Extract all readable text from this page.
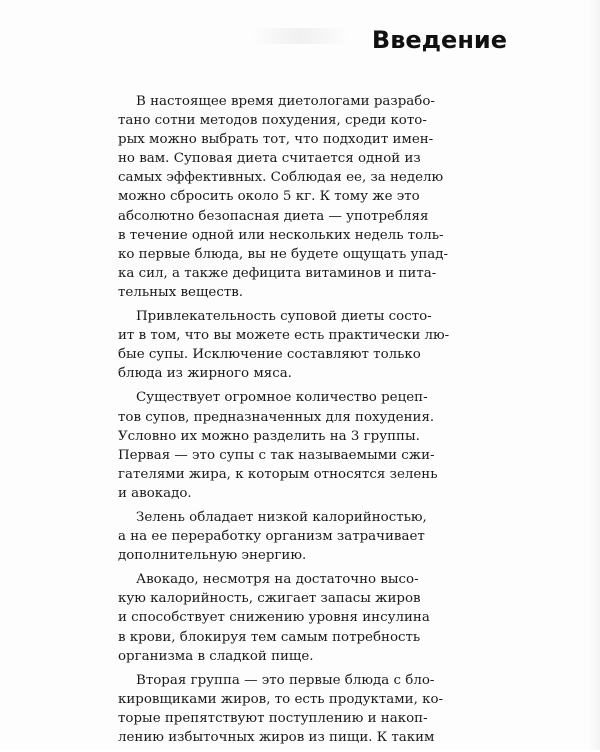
Введение
В настоящее время диетологами разрабо-
тано сотни методов похудения, среди кото-
рых можно выбрать тот, что подходит имен-
но вам. Суповая диета считается одной из
самых эффективных. Соблюдая ее, за неделю
можно сбросить около 5 кг. К тому же это
абсолютно безопасная диета — употребляя
в течение одной или нескольких недель толь-
ко первые блюда, вы не будете ощущать упад-
ка сил, а также дефицита витаминов и пита-
тельных веществ.
Привлекательность суповой диеты состо-
ит в том, что вы можете есть практически лю-
бые супы. Исключение составляют только
блюда из жирного мяса.
Существует огромное количество рецеп-
тов супов, предназначенных для похудения.
Условно их можно разделить на 3 группы.
Первая — это супы с так называемыми сжи-
гателями жира, к которым относятся зелень
и авокадо.
Зелень обладает низкой калорийностью,
а на ее переработку организм затрачивает
дополнительную энергию.
Авокадо, несмотря на достаточно высо-
кую калорийность, сжигает запасы жиров
и способствует снижению уровня инсулина
в крови, блокируя тем самым потребность
организма в сладкой пище.
Вторая группа — это первые блюда с бло-
кировщиками жиров, то есть продуктами, ко-
торые препятствуют поступлению и накоп-
лению избыточных жиров из пищи. К таким
